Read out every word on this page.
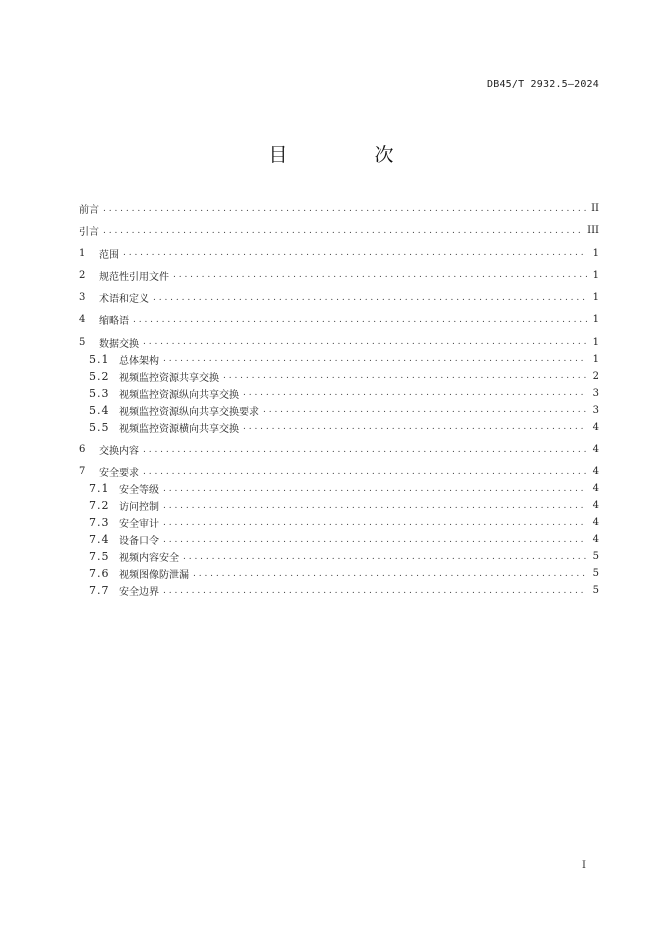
DB45/T 2932.5—2024
目　次
前言 . . .	II
引言 . . .	III
1	范围 . . .	1
2	规范性引用文件 . . .	1
3	术语和定义 . . .	1
4	缩略语 . . .	1
5	数据交换 . . .	1
5.1 总体架构 . . .	1
5.2 视频监控资源共享交换 . . .	2
5.3 视频监控资源纵向共享交换 . . .	3
5.4 视频监控资源纵向共享交换要求 . . .	3
5.5 视频监控资源横向共享交换 . . .	4
6	交换内容 . . .	4
7	安全要求 . . .	4
7.1 安全等级 . . .	4
7.2 访问控制 . . .	4
7.3 安全审计 . . .	4
7.4 设备口令 . . .	4
7.5 视频内容安全 . . .	5
7.6 视频图像防泄漏 . . .	5
7.7 安全边界 . . .	5
I
